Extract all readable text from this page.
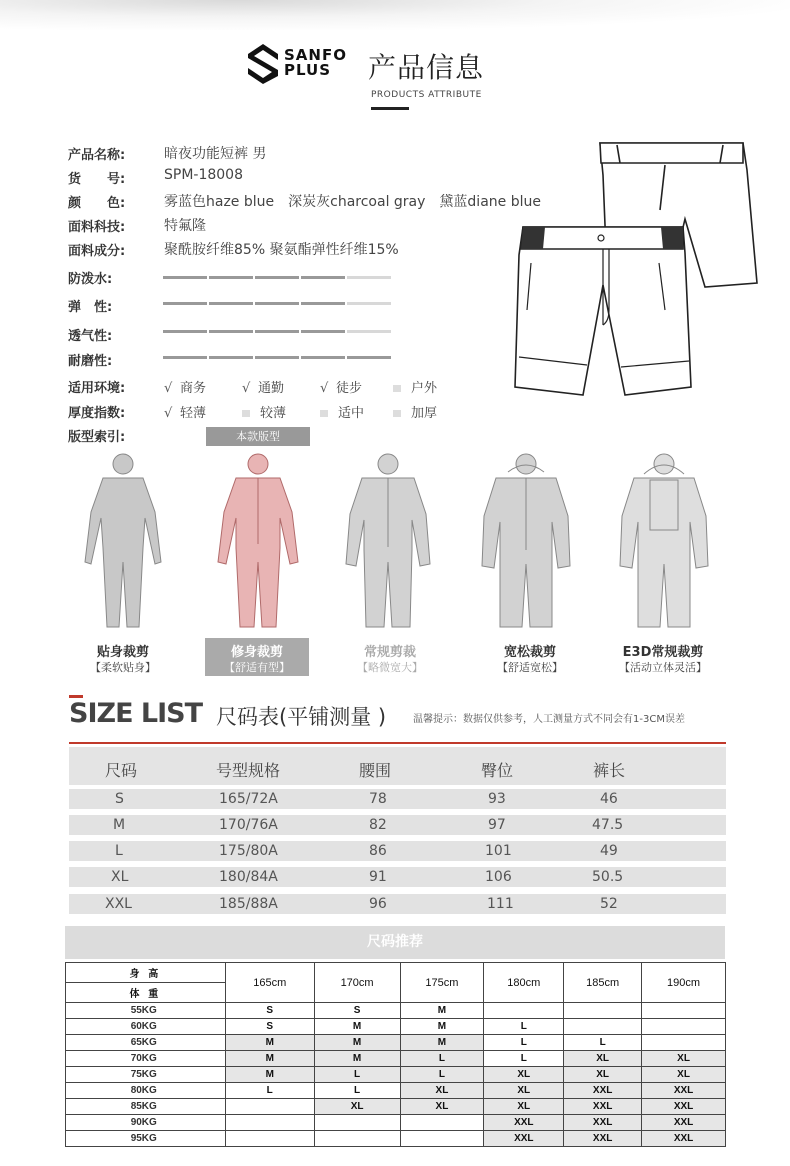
SANFO
PLUS	产品信息
PRODUCTS ATTRIBUTE
产品名称:	暗夜功能短裤 男
货　　号:	SPM-18008
颜　　色:	雾蓝色haze blue　深炭灰charcoal gray　黛蓝diane blue
面料科技:	特氟隆
面料成分:	聚酰胺纤维85% 聚氨酯弹性纤维15%
防泼水:
弹　性:
透气性:
耐磨性:
适用环境:	√ 商务	√ 通勤	√ 徒步	户外
厚度指数:	√ 轻薄	较薄	适中	加厚
版型索引:	本款版型
贴身裁剪
【柔软贴身】
修身裁剪
【舒适有型】
常规剪裁
【略微宽大】
宽松裁剪
【舒适宽松】
E3D常规裁剪
【活动立体灵活】
SIZE LIST 尺码表(平铺测量 )	温馨提示：数据仅供参考，人工测量方式不同会有1-3CM误差
尺码	号型规格	腰围	臀位	裤长
S	165/72A	78	93	46
M	170/76A	82	97	47.5
L	175/80A	86	101	49
XL	180/84A	91	106	50.5
XXL	185/88A	96	111	52
尺码推荐
身 高	165cm	170cm	175cm	180cm	185cm	190cm
体 重						
55KG	S	S	M			
60KG	S	M	M	L		
65KG	M	M	M	L	L	
70KG	M	M	L	L	XL	XL
75KG	M	L	L	XL	XL	XL
80KG	L	L	XL	XL	XXL	XXL
85KG		XL	XL	XL	XXL	XXL
90KG				XXL	XXL	XXL
95KG				XXL	XXL	XXL
